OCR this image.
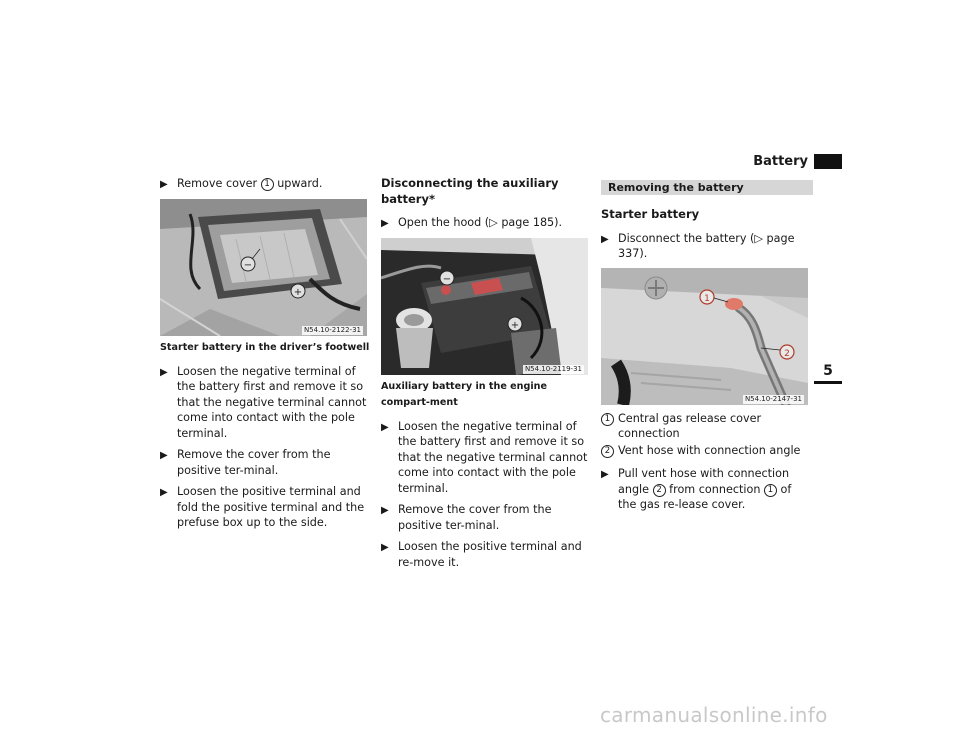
Battery
5
▶ Remove cover 1 upward.
−
+
N54.10-2122-31
Starter battery in the driver’s footwell
▶ Loosen the negative terminal of the battery first and remove it so that the negative terminal cannot come into contact with the pole terminal.
▶ Remove the cover from the positive ter-minal.
▶ Loosen the positive terminal and fold the positive terminal and the prefuse box up to the side.
Disconnecting the auxiliary battery*
▶ Open the hood (▷ page 185).
−
+
N54.10-2119-31
Auxiliary battery in the engine compart-ment
▶ Loosen the negative terminal of the battery first and remove it so that the negative terminal cannot come into contact with the pole terminal.
▶ Remove the cover from the positive ter-minal.
▶ Loosen the positive terminal and re-move it.
Removing the battery
Starter battery
▶ Disconnect the battery (▷ page 337).
1
2
N54.10-2147-31
1 Central gas release cover connection
2 Vent hose with connection angle
▶ Pull vent hose with connection angle 2 from connection 1 of the gas re-lease cover.
carmanualsonline.info
